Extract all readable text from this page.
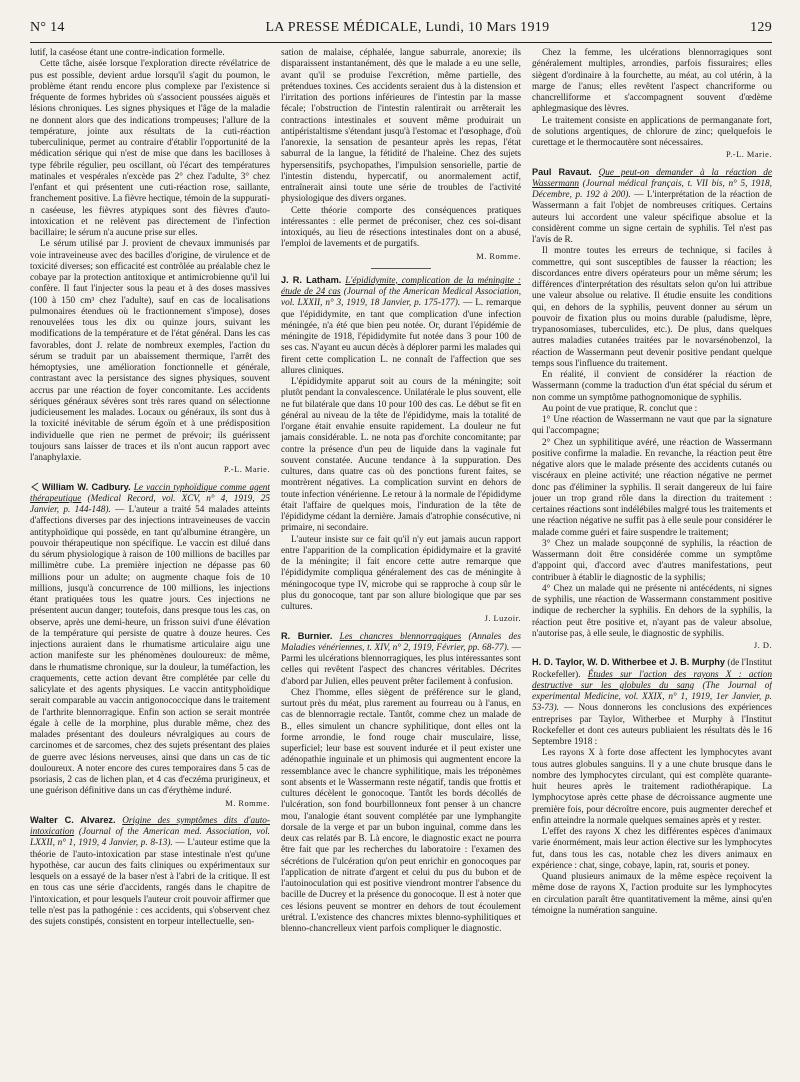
N° 14	LA PRESSE MÉDICALE, Lundi, 10 Mars 1919	129

lutif, la caséose étant une contre-indication formelle.

Cette tâche, aisée lorsque l'exploration directe révélatrice de pus est possible, devient ardue lorsqu'il s'agit du poumon, le problème étant rendu encore plus complexe par l'existence si fréquente de formes hybrides où s'associent poussées aiguës et lésions chroniques. Les signes physiques et l'âge de la maladie ne donnent alors que des indications trompeuses; l'allure de la température, jointe aux résultats de la cuti-réaction tuberculinique, permet au contraire d'établir l'opportunité de la médication sérique qui n'est de mise que dans les bacilloses à type fébrile régulier, peu oscillant, où l'écart des températures matinales et vespérales n'excède pas 2° chez l'adulte, 3° chez l'enfant et qui présentent une cuti-réaction rose, saillante, franchement positive. La fièvre hectique, témoin de la suppurati-n caséeuse, les fièvres atypiques sont des fièvres d'auto-intoxication et ne relèvent pas directement de l'infection bacillaire; le sérum n'a aucune prise sur elles.

Le sérum utilisé par J. provient de chevaux immunisés par voie intraveineuse avec des bacilles d'origine, de virulence et de toxicité diverses; son efficacité est contrôlée au préalable chez le cobaye par la protection antitoxique et antimicrobienne qu'il lui confère. Il faut l'injecter sous la peau et à des doses massives (100 à 150 cm³ chez l'adulte), sauf en cas de localisations pulmonaires étendues où le fractionnement s'impose), doses renouvelées tous les dix ou quinze jours, suivant les modifications de la température et de l'état général. Dans les cas favorables, dont J. relate de nombreux exemples, l'action du sérum se traduit par un abaissement thermique, l'arrêt des hémoptysies, une amélioration fonctionnelle et générale, contrastant avec la persistance des signes physiques, souvent accrus par une réaction de foyer concomitante. Les accidents sériques généraux sévères sont très rares quand on sélectionne judicieusement les malades. Locaux ou généraux, ils sont dus à la toxicité inévitable de sérum égoïn et à une prédisposition individuelle que rien ne permet de prévoir; ils guérissent toujours sans laisser de traces et ils n'ont aucun rapport avec l'anaphylaxie.

P.-L. Marie.

William W. Cadbury. Le vaccin typhoïdique comme agent thérapeutique (Medical Record, vol. XCV, n° 4, 1919, 25 Janvier, p. 144-148). — L'auteur a traité 54 malades atteints d'affections diverses par des injections intraveineuses de vaccin antityphoïdique qui possède, en tant qu'albumine étrangère, un pouvoir thérapeutique non spécifique. Le vaccin est dilué dans du sérum physiologique à raison de 100 millions de bacilles par millimètre cube. La première injection ne dépasse pas 60 millions pour un adulte; on augmente chaque fois de 10 millions, jusqu'à concurrence de 100 millions, les injections étant pratiquées tous les quatre jours. Ces injections ne présentent aucun danger; toutefois, dans presque tous les cas, on observe, après une demi-heure, un frisson suivi d'une élévation de la température qui persiste de quatre à douze heures. Ces injections auraient dans le rhumatisme articulaire aigu une action manifeste sur les phénomènes douloureux: de même, dans le rhumatisme chronique, sur la douleur, la tuméfaction, les craquements, cette action devant être complétée par celle du salicylate et des agents physiques. Le vaccin antityphoïdique serait comparable au vaccin antigonococcique dans le traitement de l'arthrite blennorragique. Enfin son action se serait montrée égale à celle de la morphine, plus durable même, chez des malades présentant des douleurs névralgiques au cours de carcinomes et de sarcomes, chez des sujets présentant des plaies de guerre avec lésions nerveuses, ainsi que dans un cas de tic douloureux. A noter encore des cures temporaires dans 5 cas de psoriasis, 2 cas de lichen plan, et 4 cas d'eczéma prurigineux, et une guérison définitive dans un cas d'érythème induré.

M. Romme.

Walter C. Alvarez. Origine des symptômes dits d'auto-intoxication (Journal of the American med. Association, vol. LXXII, n° 1, 1919, 4 Janvier, p. 8-13). — L'auteur estime que la théorie de l'auto-intoxication par stase intestinale n'est qu'une hypothèse, car aucun des faits cliniques ou expérimentaux sur lesquels on a essayé de la baser n'est à l'abri de la critique. Il est en tous cas une série d'accidents, rangés dans le chapitre de l'intoxication, et pour lesquels l'auteur croit pouvoir affirmer que telle n'est pas la pathogénie : ces accidents, qui s'observent chez des sujets constipés, consistent en torpeur intellectuelle, sen-

sation de malaise, céphalée, langue saburrale, anorexie; ils disparaissent instantanément, dès que le malade a eu une selle, avant qu'il se produise l'excrétion, même partielle, des prétendues toxines. Ces accidents seraient dus à la distension et l'irritation des portions inférieures de l'intestin par la masse fécale; l'obstruction de l'intestin ralentirait ou arrêterait les contractions intestinales et souvent même produirait un antipéristaltisme s'étendant jusqu'à l'estomac et l'œsophage, d'où l'anorexie, la sensation de pesanteur après les repas, l'état saburral de la langue, la fétidité de l'haleine. Chez des sujets hypersensitifs, psychopathes, l'impulsion sensorielle, partie de l'intestin distendu, hypercatif, ou anormalement actif, entraînerait ainsi toute une série de troubles de l'activité physiologique des divers organes.

Cette théorie comporte des conséquences pratiques intéressantes : elle permet de préconiser, chez ces soi-disant intoxiqués, au lieu de résections intestinales dont on a abusé, l'emploi de lavements et de purgatifs.

M. Romme.

J. R. Latham. L'épididymite, complication de la méningite : étude de 24 cas (Journal of the American Medical Association, vol. LXXII, n° 3, 1919, 18 Janvier, p. 175-177). — L. remarque que l'épididymite, en tant que complication d'une infection méningée, n'a été que bien peu notée. Or, durant l'épidémie de méningite de 1918, l'épididymite fut notée dans 3 pour 100 de ses cas. N'ayant eu aucun décès à déplorer parmi les malades qui firent cette complication L. ne connaît de l'affection que ses allures cliniques.

L'épididymite apparut soit au cours de la méningite; soit plutôt pendant la convalescence. Unilatérale le plus souvent, elle ne fut bilatérale que dans 10 pour 100 des cas. Le début se fit en général au niveau de la tête de l'épididyme, mais la totalité de l'organe était envahie ensuite rapidement. La douleur ne fut jamais considérable. L. ne nota pas d'orchite concomitante; par contre la présence d'un peu de liquide dans la vaginale fut souvent constatée. Aucune tendance à la suppuration. Des cultures, dans quatre cas où des ponctions furent faites, se montrèrent négatives. La complication survint en dehors de toute infection vénérienne. Le retour à la normale de l'épididyme était l'affaire de quelques mois, l'induration de la tête de l'épididyme cédant la dernière. Jamais d'atrophie consécutive, ni primaire, ni secondaire.

L'auteur insiste sur ce fait qu'il n'y eut jamais aucun rapport entre l'apparition de la complication épididymaire et la gravité de la méningite; il fait encore cette autre remarque que l'épididymite compliqua généralement des cas de méningite à méningocoque type IV, microbe qui se rapproche à coup sûr le plus du gonocoque, tant par son allure biologique que par ses cultures.

J. Luzoir.

R. Burnier. Les chancres blennorragiques (Annales des Maladies vénériennes, t. XIV, n° 2, 1919, Février, pp. 68-77). — Parmi les ulcérations blennorragiques, les plus intéressantes sont celles qui revêtent l'aspect des chancres véritables. Décrites d'abord par Julien, elles peuvent prêter facilement à confusion.

Chez l'homme, elles siègent de préférence sur le gland, surtout près du méat, plus rarement au fourreau ou à l'anus, en cas de blennorragie rectale. Tantôt, comme chez un malade de B., elles simulent un chancre syphilitique, dont elles ont la forme arrondie, le fond rouge chair musculaire, lisse, superficiel; leur base est souvent indurée et il peut exister une adénopathie inguinale et un phimosis qui augmentent encore la ressemblance avec le chancre syphilitique, mais les tréponèmes sont absents et le Wassermann reste négatif, tandis que frottis et cultures décèlent le gonocoque. Tantôt les bords décollés de l'ulcération, son fond bourbillonneux font penser à un chancre mou, l'analogie étant souvent complétée par une lymphangite dorsale de la verge et par un bubon inguinal, comme dans les deux cas relatés par B. Là encore, le diagnostic exact ne pourra être fait que par les recherches du laboratoire : l'examen des sécrétions de l'ulcération qu'on peut enrichir en gonocoques par l'application de nitrate d'argent et celui du pus du bubon et de l'autoinoculation qui est positive viendront montrer l'absence du bacille de Ducrey et la présence du gonocoque. Il est à noter que ces lésions peuvent se montrer en dehors de tout écoulement urétral. L'existence des chancres mixtes blenno-syphilitiques et blenno-chancrelleux vient parfois compliquer le diagnostic.

Chez la femme, les ulcérations blennorragiques sont généralement multiples, arrondies, parfois fissuraires; elles siègent d'ordinaire à la fourchette, au méat, au col utérin, à la marge de l'anus; elles revêtent l'aspect chancriforme ou chancrelliforme et s'accompagnent souvent d'œdème aphlegmasique des lèvres.

Le traitement consiste en applications de permanganate fort, de solutions argentiques, de chlorure de zinc; quelquefois le curettage et le thermocautère sont nécessaires.

P.-L. Marie.

Paul Ravaut. Que peut-on demander à la réaction de Wassermann (Journal médical français, t. VII bis, n° 5, 1918, Décembre, p. 192 à 200). — L'interprétation de la réaction de Wassermann a fait l'objet de nombreuses critiques. Certains auteurs lui accordent une valeur spécifique absolue et la considèrent comme un signe certain de syphilis. Tel n'est pas l'avis de R.

Il montre toutes les erreurs de technique, si faciles à commettre, qui sont susceptibles de fausser la réaction; les discordances entre divers opérateurs pour un même sérum; les différences d'interprétation des résultats selon qu'on lui attribue une valeur absolue ou relative. Il étudie ensuite les conditions qui, en dehors de la syphilis, peuvent donner au sérum un pouvoir de fixation plus ou moins durable (paludisme, lèpre, trypanosomiases, tuberculides, etc.). De plus, dans quelques autres maladies cutanées traitées par le novarsénobenzol, la réaction de Wassermann peut devenir positive pendant quelque temps sous l'influence du traitement.

En réalité, il convient de considérer la réaction de Wassermann (comme la traduction d'un état spécial du sérum et non comme un symptôme pathognomonique de syphilis.

Au point de vue pratique, R. conclut que :

1° Une réaction de Wassermann ne vaut que par la signature qui l'accompagne;

2° Chez un syphilitique avéré, une réaction de Wassermann positive confirme la maladie. En revanche, la réaction peut être négative alors que le malade présente des accidents cutanés ou viscéraux en pleine activité; une réaction négative ne permet donc pas d'éliminer la syphilis. Il serait dangereux de lui faire jouer un trop grand rôle dans la direction du traitement : certaines réactions sont indélébiles malgré tous les traitements et une réaction négative ne suffit pas à elle seule pour considérer le malade comme guéri et faire suspendre le traitement;

3° Chez un malade soupçonné de syphilis, la réaction de Wassermann doit être considérée comme un symptôme d'appoint qui, d'accord avec d'autres manifestations, peut contribuer à établir le diagnostic de la syphilis;

4° Chez un malade qui ne présente ni antécédents, ni signes de syphilis, une réaction de Wassermann constamment positive indique de rechercher la syphilis. En dehors de la syphilis, la réaction peut être positive et, n'ayant pas de valeur absolue, n'autorise pas, à elle seule, le diagnostic de syphilis.

J. D.

H. D. Taylor, W. D. Witherbee et J. B. Murphy (de l'Institut Rockefeller). Études sur l'action des rayons X : action destructive sur les globules du sang (The Journal of experimental Medicine, vol. XXIX, n° 1, 1919, 1er Janvier, p. 53-73). — Nous donnerons les conclusions des expériences entreprises par Taylor, Witherbee et Murphy à l'Institut Rockefeller et dont ces auteurs publiaient les résultats dès le 16 Septembre 1918 :

Les rayons X à forte dose affectent les lymphocytes avant tous autres globules sanguins. Il y a une chute brusque dans le nombre des lymphocytes circulant, qui est complète quarante-huit heures après le traitement radiothérapique. La lymphocytose après cette phase de décroissance augmente une première fois, pour décroître encore, puis augmenter derechef et enfin atteindre la normale quelques semaines après et y rester.

L'effet des rayons X chez les différentes espèces d'animaux varie énormément, mais leur action élective sur les lymphocytes fut, dans tous les cas, notable chez les divers animaux en expérience : chat, singe, cobaye, lapin, rat, souris et poney.

Quand plusieurs animaux de la même espèce reçoivent la même dose de rayons X, l'action produite sur les lymphocytes en circulation paraît être quantitativement la même, ainsi qu'en témoigne la numération sanguine.
